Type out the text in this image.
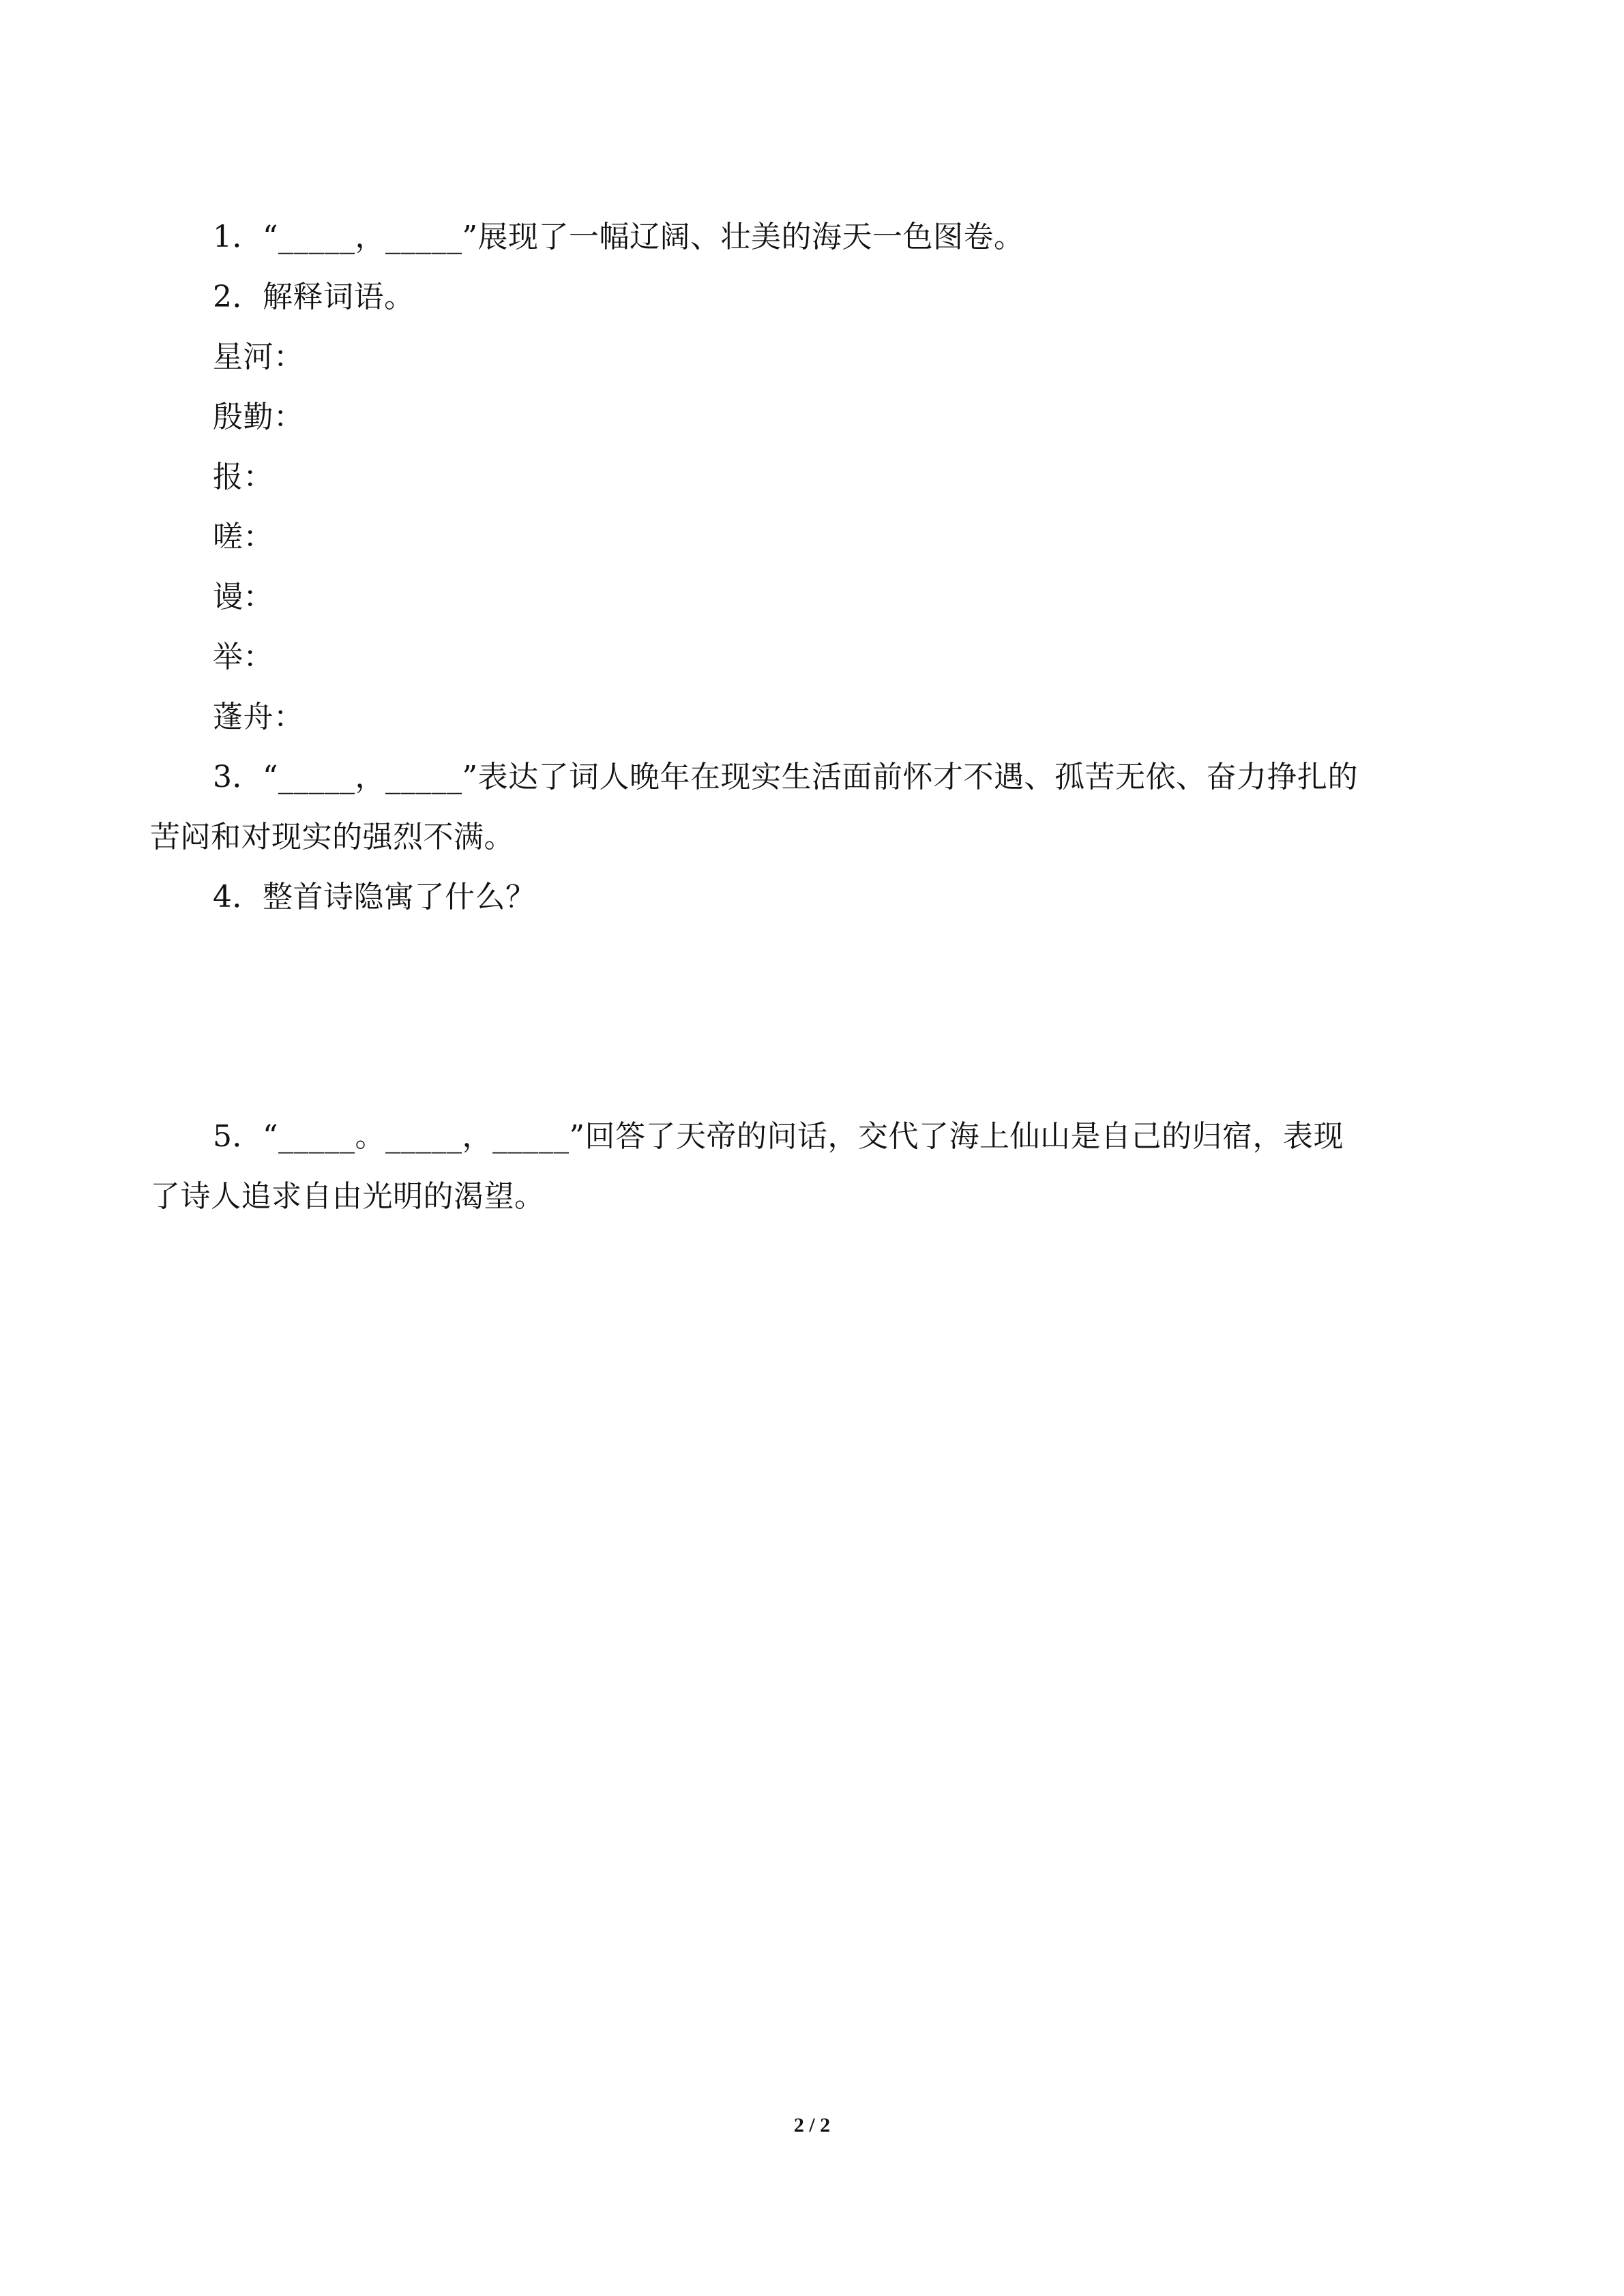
1．“_____，_____”展现了一幅辽阔、壮美的海天一色图卷。
2．解释词语。
星河：
殷勤：
报：
嗟：
谩：
举：
蓬舟：
3．“_____，_____”表达了词人晚年在现实生活面前怀才不遇、孤苦无依、奋力挣扎的
苦闷和对现实的强烈不满。
4．整首诗隐寓了什么？
5．“_____。_____，_____”回答了天帝的问话，交代了海上仙山是自己的归宿，表现
了诗人追求自由光明的渴望。
2 / 2
